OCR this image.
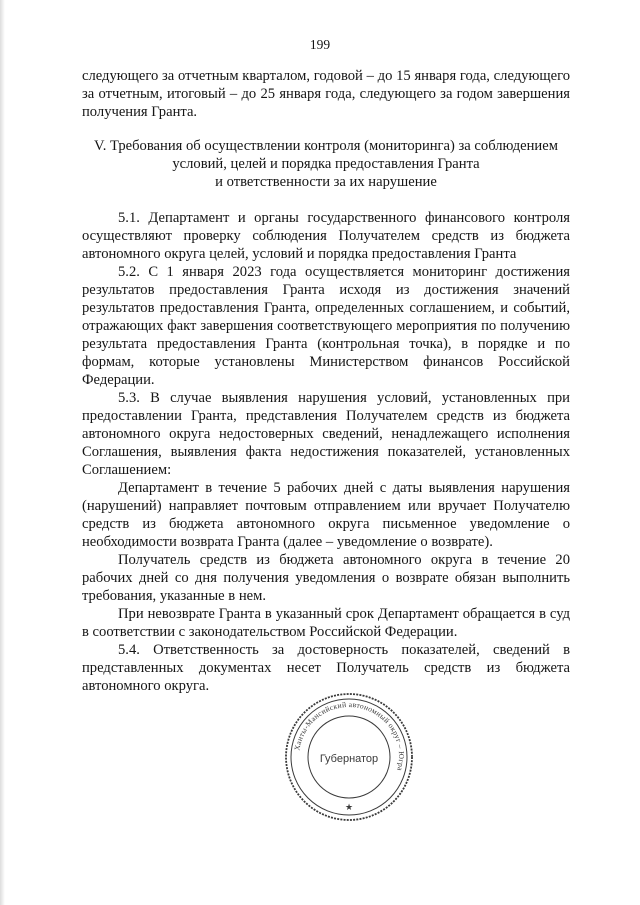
199

следующего за отчетным кварталом, годовой – до 15 января года, следующего за отчетным, итоговый – до 25 января года, следующего за годом завершения получения Гранта.

V. Требования об осуществлении контроля (мониторинга) за соблюдением

условий, целей и порядка предоставления Гранта

и ответственности за их нарушение

5.1. Департамент и органы государственного финансового контроля осуществляют проверку соблюдения Получателем средств из бюджета автономного округа целей, условий и порядка предоставления Гранта

5.2. С 1 января 2023 года осуществляется мониторинг достижения результатов предоставления Гранта исходя из достижения значений результатов предоставления Гранта, определенных соглашением, и событий, отражающих факт завершения соответствующего мероприятия по получению результата предоставления Гранта (контрольная точка), в порядке и по формам, которые установлены Министерством финансов Российской Федерации.

5.3. В случае выявления нарушения условий, установленных при предоставлении Гранта, представления Получателем средств из бюджета автономного округа недостоверных сведений, ненадлежащего исполнения Соглашения, выявления факта недостижения показателей, установленных Соглашением:

Департамент в течение 5 рабочих дней с даты выявления нарушения (нарушений) направляет почтовым отправлением или вручает Получателю средств из бюджета автономного округа письменное уведомление о необходимости возврата Гранта (далее – уведомление о возврате).

Получатель средств из бюджета автономного округа в течение 20 рабочих дней со дня получения уведомления о возврате обязан выполнить требования, указанные в нем.

При невозврате Гранта в указанный срок Департамент обращается в суд в соответствии с законодательством Российской Федерации.

5.4. Ответственность за достоверность показателей, сведений в представленных документах несет Получатель средств из бюджета автономного округа.

Ханты-Мансийский автономный округ – Югра
Губернатор
★
